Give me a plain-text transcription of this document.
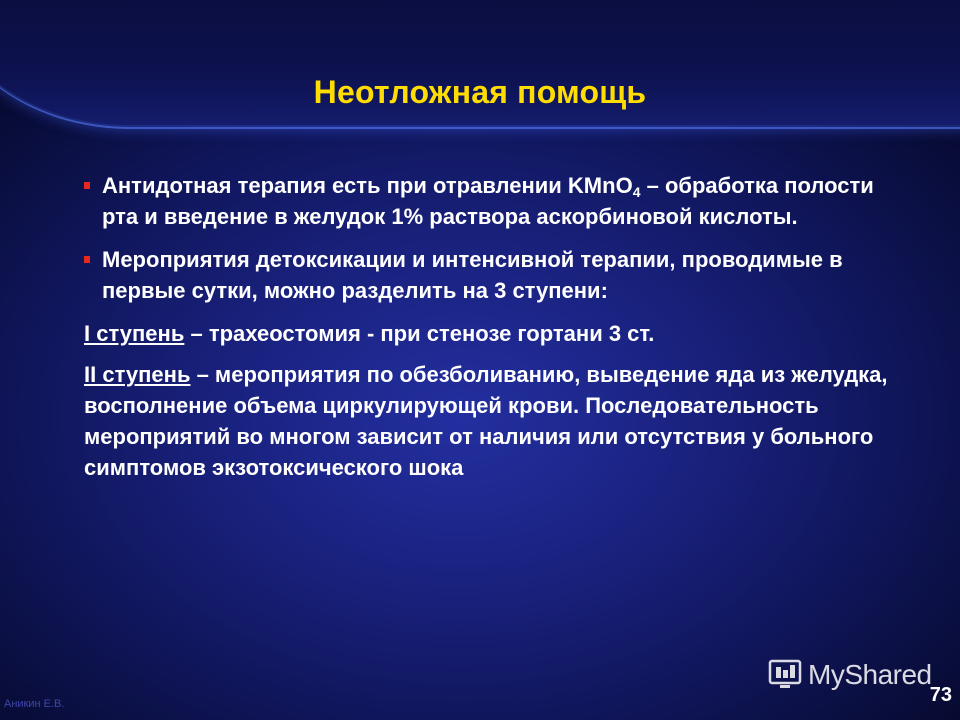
Неотложная помощь
Антидотная терапия есть при отравлении KMnO$_4$ – обработка полости рта и введение в желудок 1% раствора аскорбиновой кислоты.
Мероприятия детоксикации и интенсивной терапии, проводимые в первые сутки, можно разделить на 3 ступени:
I ступень – трахеостомия - при стенозе гортани 3 ст.
II ступень – мероприятия по обезболиванию, выведение яда из желудка, восполнение объема циркулирующей крови. Последовательность мероприятий во многом зависит от наличия или отсутствия у больного симптомов экзотоксического шока
Аникин Е.В.
MyShared
73
